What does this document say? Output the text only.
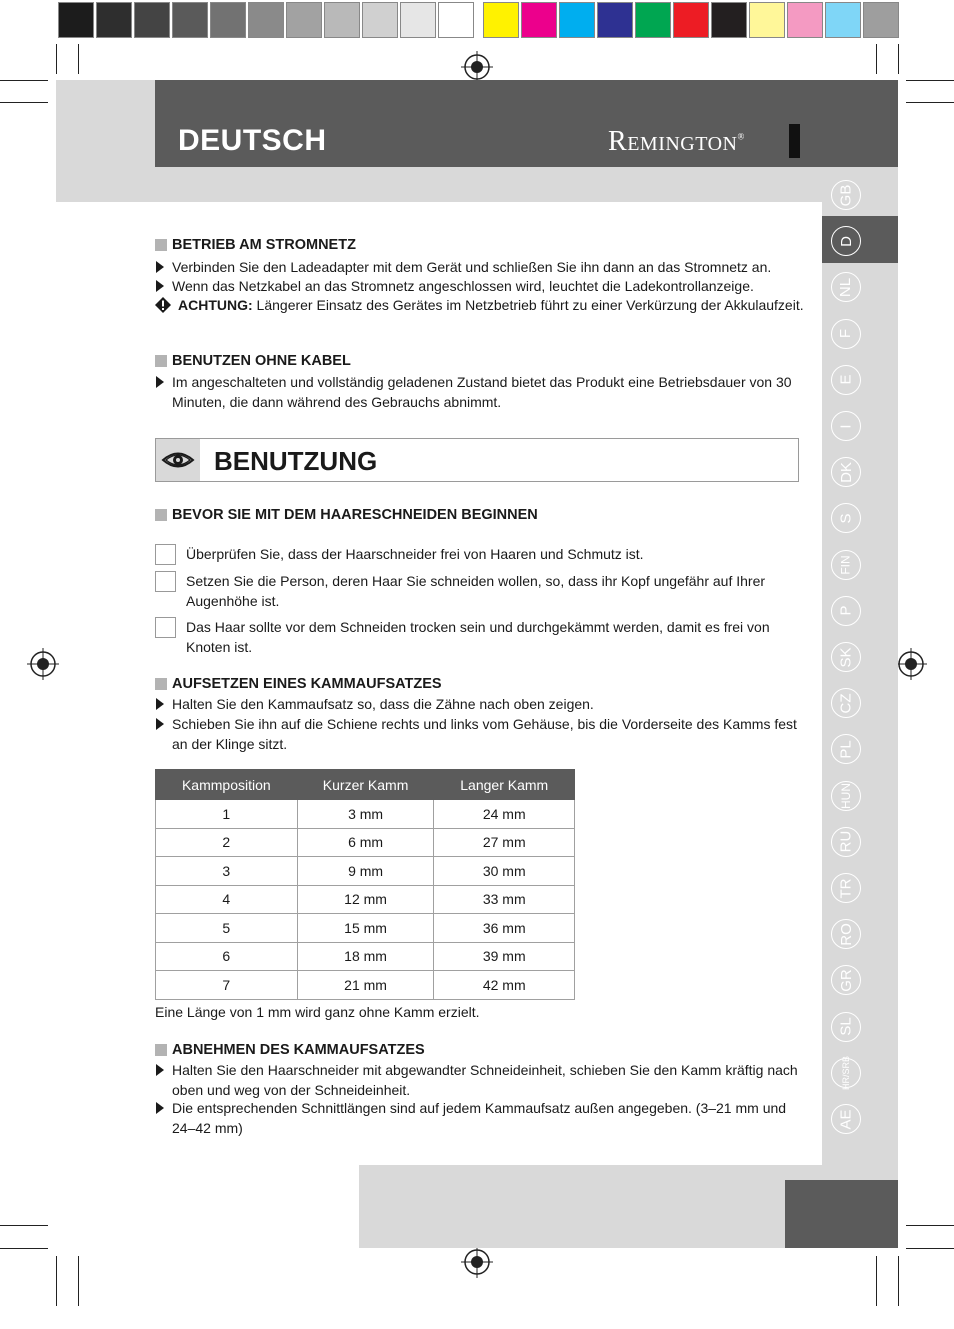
DEUTSCH	REMINGTON®
GB
D
NL
F
E
I
DK
S
FIN
P
SK
CZ
PL
HUN
RU
TR
RO
GR
SL
HR/SRB
AE
BETRIEB AM STROMNETZ
Verbinden Sie den Ladeadapter mit dem Gerät und schließen Sie ihn dann an das Stromnetz an.
Wenn das Netzkabel an das Stromnetz angeschlossen wird, leuchtet die Ladekontrollanzeige.
ACHTUNG: Längerer Einsatz des Gerätes im Netzbetrieb führt zu einer Verkürzung der Akkulaufzeit.
BENUTZEN OHNE KABEL
Im angeschalteten und vollständig geladenen Zustand bietet das Produkt eine Betriebsdauer von 30 Minuten, die dann während des Gebrauchs abnimmt.
BENUTZUNG
BEVOR SIE MIT DEM HAARESCHNEIDEN BEGINNEN
Überprüfen Sie, dass der Haarschneider frei von Haaren und Schmutz ist.
Setzen Sie die Person, deren Haar Sie schneiden wollen, so, dass ihr Kopf ungefähr auf Ihrer Augenhöhe ist.
Das Haar sollte vor dem Schneiden trocken sein und durchgekämmt werden, damit es frei von Knoten ist.
AUFSETZEN EINES KAMMAUFSATZES
Halten Sie den Kammaufsatz so, dass die Zähne nach oben zeigen.
Schieben Sie ihn auf die Schiene rechts und links vom Gehäuse, bis die Vorderseite des Kamms fest an der Klinge sitzt.
Kammposition	Kurzer Kamm	Langer Kamm
1	3 mm	24 mm
2	6 mm	27 mm
3	9 mm	30 mm
4	12 mm	33 mm
5	15 mm	36 mm
6	18 mm	39 mm
7	21 mm	42 mm
Eine Länge von 1 mm wird ganz ohne Kamm erzielt.
ABNEHMEN DES KAMMAUFSATZES
Halten Sie den Haarschneider mit abgewandter Schneideinheit, schieben Sie den Kamm kräftig nach oben und weg von der Schneideinheit.
Die entsprechenden Schnittlängen sind auf jedem Kammaufsatz außen angegeben. (3–21 mm und 24–42 mm)
